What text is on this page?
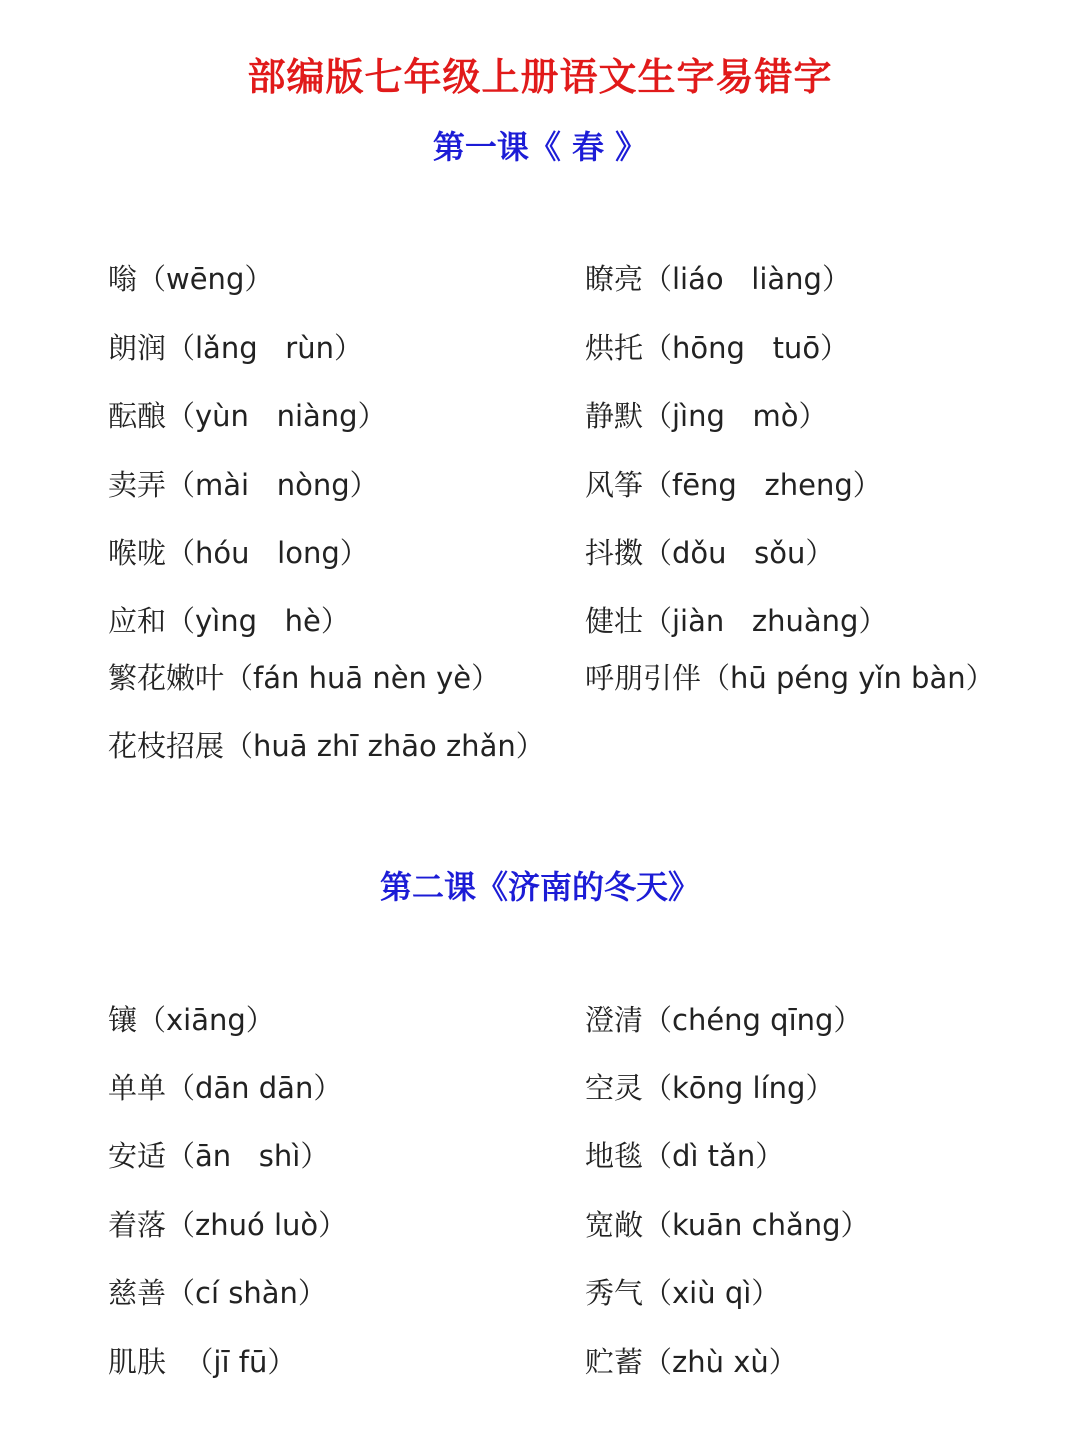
部编版七年级上册语文生字易错字
第一课《 春 》
嗡（wēng）	瞭亮（liáo   liàng）
朗润（lǎng   rùn）	烘托（hōng   tuō）
酝酿（yùn   niàng）	静默（jìng   mò）
卖弄（mài   nòng）	风筝（fēng   zheng）
喉咙（hóu   long）	抖擞（dǒu   sǒu）
应和（yìng   hè）	健壮（jiàn   zhuàng）
繁花嫩叶（fán huā nèn yè）	呼朋引伴（hū péng yǐn bàn）
花枝招展（huā zhī zhāo zhǎn）
第二课《济南的冬天》
镶（xiāng）	澄清（chéng qīng）
单单（dān dān）	空灵（kōng líng）
安适（ān   shì）	地毯（dì tǎn）
着落（zhuó luò）	宽敞（kuān chǎng）
慈善（cí shàn）	秀气（xiù qì）
肌肤  （jī fū）	贮蓄（zhù xù）
